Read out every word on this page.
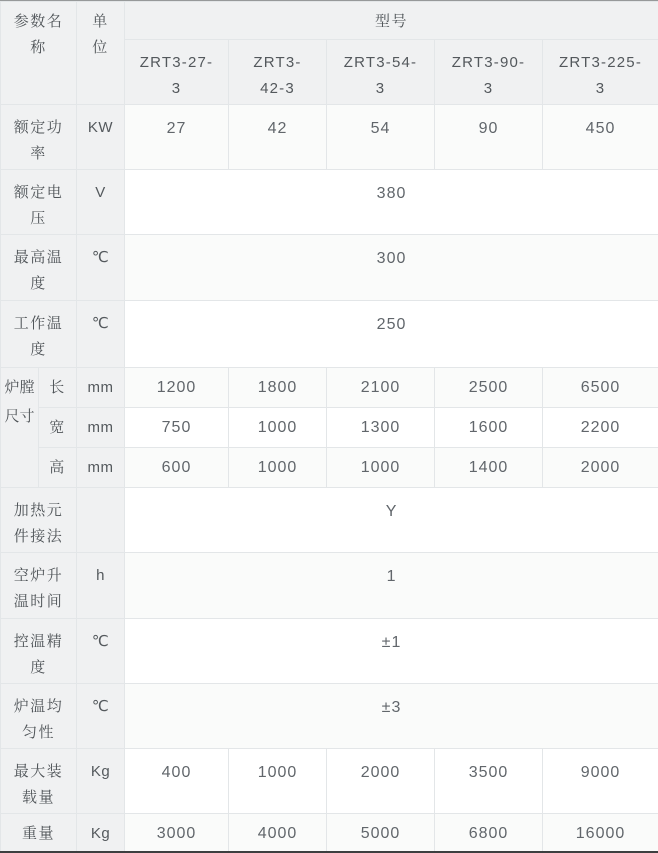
参数名称		单位	型号				
			ZRT3-27-3	ZRT3-42-3	ZRT3-54-3	ZRT3-90-3	ZRT3-225-3
额定功率		KW	27	42	54	90	450
额定电压		V	380				
最高温度		℃	300				
工作温度		℃	250				
炉膛尺寸	长	mm	1200	1800	2100	2500	6500
	宽	mm	750	1000	1300	1600	2200
	高	mm	600	1000	1000	1400	2000
加热元件接法			Y				
空炉升温时间		h	1				
控温精度		℃	±1				
炉温均匀性		℃	±3				
最大装载量		Kg	400	1000	2000	3500	9000
重量		Kg	3000	4000	5000	6800	16000
